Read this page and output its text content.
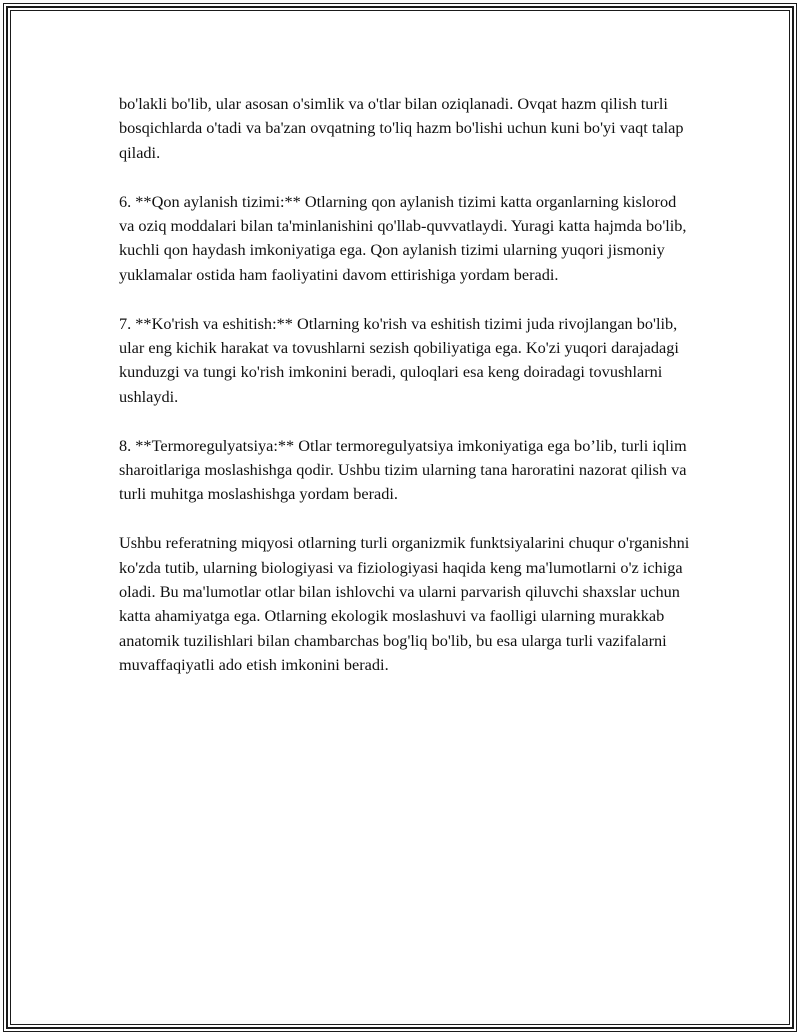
bo'lakli bo'lib, ular asosan o'simlik va o'tlar bilan oziqlanadi. Ovqat hazm qilish turli bosqichlarda o'tadi va ba'zan ovqatning to'liq hazm bo'lishi uchun kuni bo'yi vaqt talap qiladi.

6. **Qon aylanish tizimi:** Otlarning qon aylanish tizimi katta organlarning kislorod va oziq moddalari bilan ta'minlanishini qo'llab-quvvatlaydi. Yuragi katta hajmda bo'lib, kuchli qon haydash imkoniyatiga ega. Qon aylanish tizimi ularning yuqori jismoniy yuklamalar ostida ham faoliyatini davom ettirishiga yordam beradi.

7. **Ko'rish va eshitish:** Otlarning ko'rish va eshitish tizimi juda rivojlangan bo'lib, ular eng kichik harakat va tovushlarni sezish qobiliyatiga ega. Ko'zi yuqori darajadagi kunduzgi va tungi ko'rish imkonini beradi, quloqlari esa keng doiradagi tovushlarni ushlaydi.

8. **Termoregulyatsiya:** Otlar termoregulyatsiya imkoniyatiga ega bo’lib, turli iqlim sharoitlariga moslashishga qodir. Ushbu tizim ularning tana haroratini nazorat qilish va turli muhitga moslashishga yordam beradi.

Ushbu referatning miqyosi otlarning turli organizmik funktsiyalarini chuqur o'rganishni ko'zda tutib, ularning biologiyasi va fiziologiyasi haqida keng ma'lumotlarni o'z ichiga oladi. Bu ma'lumotlar otlar bilan ishlovchi va ularni parvarish qiluvchi shaxslar uchun katta ahamiyatga ega. Otlarning ekologik moslashuvi va faolligi ularning murakkab anatomik tuzilishlari bilan chambarchas bog'liq bo'lib, bu esa ularga turli vazifalarni muvaffaqiyatli ado etish imkonini beradi.
